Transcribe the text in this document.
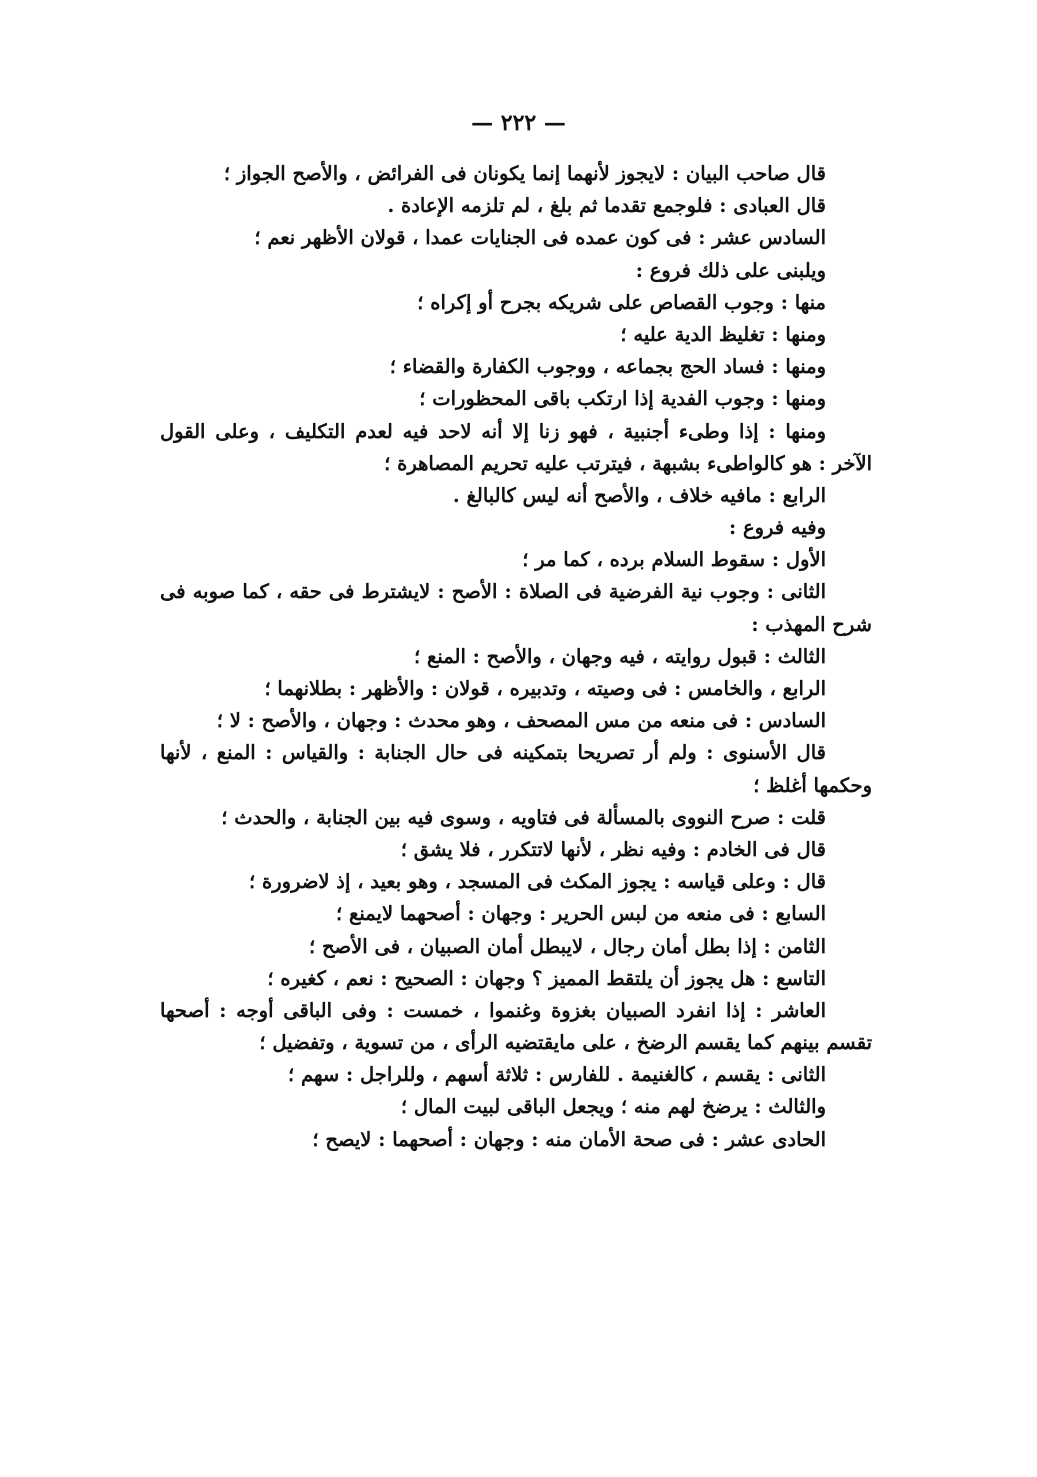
— ٢٢٢ —
قال صاحب البيان : لايجوز لأنهما إنما يكونان فى الفرائض ، والأصح الجواز ؛
قال العبادى : فلوجمع تقدما ثم بلغ ، لم تلزمه الإعادة .
السادس عشر : فى كون عمده فى الجنايات عمدا ، قولان الأظهر نعم ؛
ويلبنى على ذلك فروع :
منها : وجوب القصاص على شريكه بجرح أو إكراه ؛
ومنها : تغليظ الدية عليه ؛
ومنها : فساد الحج بجماعه ، ووجوب الكفارة والقضاء ؛
ومنها : وجوب الفدية إذا ارتكب باقى المحظورات ؛
ومنها : إذا وطىء أجنبية ، فهو زنا إلا أنه لاحد فيه لعدم التكليف ، وعلى القول
الآخر : هو كالواطىء بشبهة ، فيترتب عليه تحريم المصاهرة ؛
الرابع : مافيه خلاف ، والأصح أنه ليس كالبالغ .
وفيه فروع :
الأول : سقوط السلام برده ، كما مر ؛
الثانى : وجوب نية الفرضية فى الصلاة : الأصح : لايشترط فى حقه ، كما صوبه فى
شرح المهذب :
الثالث : قبول روايته ، فيه وجهان ، والأصح : المنع ؛
الرابع ، والخامس : فى وصيته ، وتدبيره ، قولان : والأظهر : بطلانهما ؛
السادس : فى منعه من مس المصحف ، وهو محدث : وجهان ، والأصح : لا ؛
قال الأسنوى : ولم أر تصريحا بتمكينه فى حال الجنابة : والقياس : المنع ، لأنها
وحكمها أغلظ ؛
قلت : صرح النووى بالمسألة فى فتاويه ، وسوى فيه بين الجنابة ، والحدث ؛
قال فى الخادم : وفيه نظر ، لأنها لاتتكرر ، فلا يشق ؛
قال : وعلى قياسه : يجوز المكث فى المسجد ، وهو بعيد ، إذ لاضرورة ؛
السابع : فى منعه من لبس الحرير : وجهان : أصحهما لايمنع ؛
الثامن : إذا بطل أمان رجال ، لايبطل أمان الصبيان ، فى الأصح ؛
التاسع : هل يجوز أن يلتقط المميز ؟ وجهان : الصحيح : نعم ، كغيره ؛
العاشر : إذا انفرد الصبيان بغزوة وغنموا ، خمست : وفى الباقى أوجه : أصحها
تقسم بينهم كما يقسم الرضخ ، على مايقتضيه الرأى ، من تسوية ، وتفضيل ؛
الثانى : يقسم ، كالغنيمة . للفارس : ثلاثة أسهم ، وللراجل : سهم ؛
والثالث : يرضخ لهم منه ؛ ويجعل الباقى لبيت المال ؛
الحادى عشر : فى صحة الأمان منه : وجهان : أصحهما : لايصح ؛
